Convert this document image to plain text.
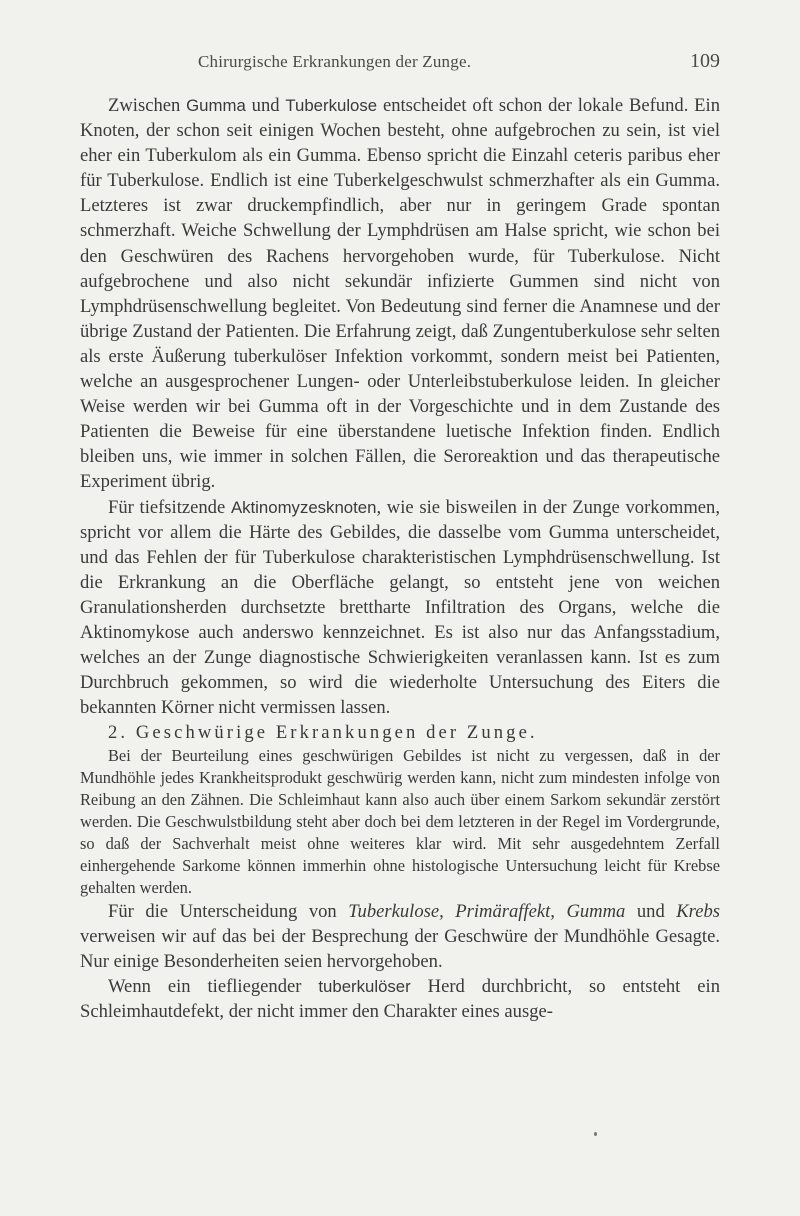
Chirurgische Erkrankungen der Zunge.	109

Zwischen Gumma und Tuberkulose entscheidet oft schon der lokale Befund. Ein Knoten, der schon seit einigen Wochen besteht, ohne aufgebrochen zu sein, ist viel eher ein Tuberkulom als ein Gumma. Ebenso spricht die Einzahl ceteris paribus eher für Tuberkulose. Endlich ist eine Tuberkelgeschwulst schmerzhafter als ein Gumma. Letzteres ist zwar druckempfindlich, aber nur in geringem Grade spontan schmerzhaft. Weiche Schwellung der Lymphdrüsen am Halse spricht, wie schon bei den Geschwüren des Rachens hervorgehoben wurde, für Tuberkulose. Nicht aufgebrochene und also nicht sekundär infizierte Gummen sind nicht von Lymphdrüsenschwellung begleitet. Von Bedeutung sind ferner die Anamnese und der übrige Zustand der Patienten. Die Erfahrung zeigt, daß Zungentuberkulose sehr selten als erste Äußerung tuberkulöser Infektion vorkommt, sondern meist bei Patienten, welche an ausgesprochener Lungen- oder Unterleibstuberkulose leiden. In gleicher Weise werden wir bei Gumma oft in der Vorgeschichte und in dem Zustande des Patienten die Beweise für eine überstandene luetische Infektion finden. Endlich bleiben uns, wie immer in solchen Fällen, die Seroreaktion und das therapeutische Experiment übrig.

Für tiefsitzende Aktinomyzesknoten, wie sie bisweilen in der Zunge vorkommen, spricht vor allem die Härte des Gebildes, die dasselbe vom Gumma unterscheidet, und das Fehlen der für Tuberkulose charakteristischen Lymphdrüsenschwellung. Ist die Erkrankung an die Oberfläche gelangt, so entsteht jene von weichen Granulationsherden durchsetzte bretthartе Infiltration des Organs, welche die Aktinomykose auch anderswo kennzeichnet. Es ist also nur das Anfangsstadium, welches an der Zunge diagnostische Schwierigkeiten veranlassen kann. Ist es zum Durchbruch gekommen, so wird die wiederholte Untersuchung des Eiters die bekannten Körner nicht vermissen lassen.

2. Geschwürige Erkrankungen der Zunge.

Bei der Beurteilung eines geschwürigen Gebildes ist nicht zu vergessen, daß in der Mundhöhle jedes Krankheitsprodukt geschwürig werden kann, nicht zum mindesten infolge von Reibung an den Zähnen. Die Schleimhaut kann also auch über einem Sarkom sekundär zerstört werden. Die Geschwulstbildung steht aber doch bei dem letzteren in der Regel im Vordergrunde, so daß der Sachverhalt meist ohne weiteres klar wird. Mit sehr ausgedehntem Zerfall einhergehende Sarkome können immerhin ohne histologische Untersuchung leicht für Krebse gehalten werden.

Für die Unterscheidung von Tuberkulose, Primäraffekt, Gumma und Krebs verweisen wir auf das bei der Besprechung der Geschwüre der Mundhöhle Gesagte. Nur einige Besonderheiten seien hervorgehoben.

Wenn ein tiefliegender tuberkulöser Herd durchbricht, so entsteht ein Schleimhautdefekt, der nicht immer den Charakter eines ausge-
